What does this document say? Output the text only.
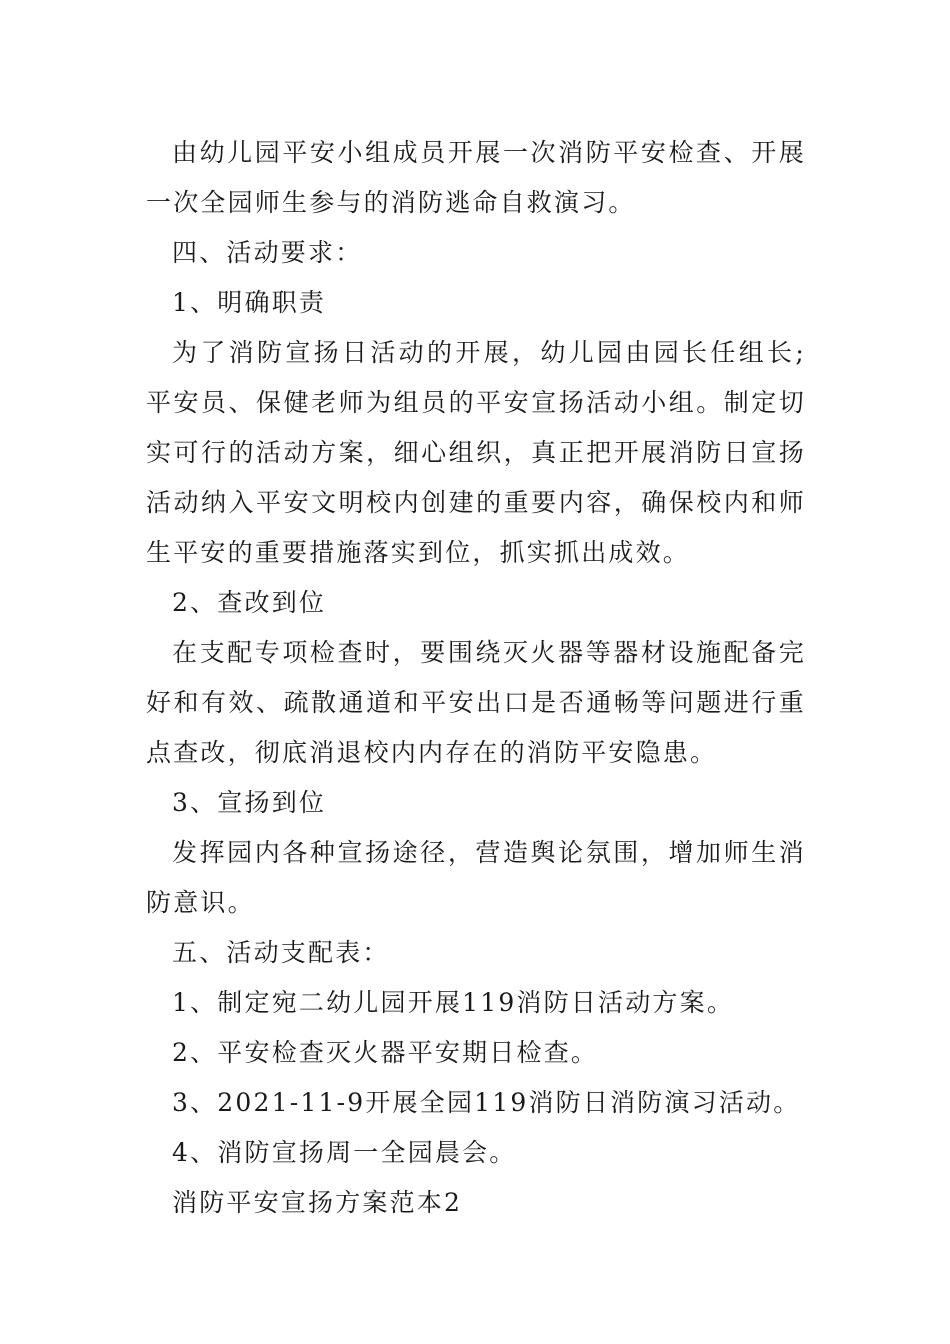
由幼儿园平安小组成员开展一次消防平安检查、开展一次全园师生参与的消防逃命自救演习。

四、活动要求：

1、明确职责

为了消防宣扬日活动的开展，幼儿园由园长任组长;平安员、保健老师为组员的平安宣扬活动小组。制定切实可行的活动方案，细心组织，真正把开展消防日宣扬活动纳入平安文明校内创建的重要内容，确保校内和师生平安的重要措施落实到位，抓实抓出成效。

2、查改到位

在支配专项检查时，要围绕灭火器等器材设施配备完好和有效、疏散通道和平安出口是否通畅等问题进行重点查改，彻底消退校内内存在的消防平安隐患。

3、宣扬到位

发挥园内各种宣扬途径，营造舆论氛围，增加师生消防意识。

五、活动支配表：

1、制定宛二幼儿园开展119消防日活动方案。

2、平安检查灭火器平安期日检查。

3、2021-11-9开展全园119消防日消防演习活动。

4、消防宣扬周一全园晨会。

消防平安宣扬方案范本2
